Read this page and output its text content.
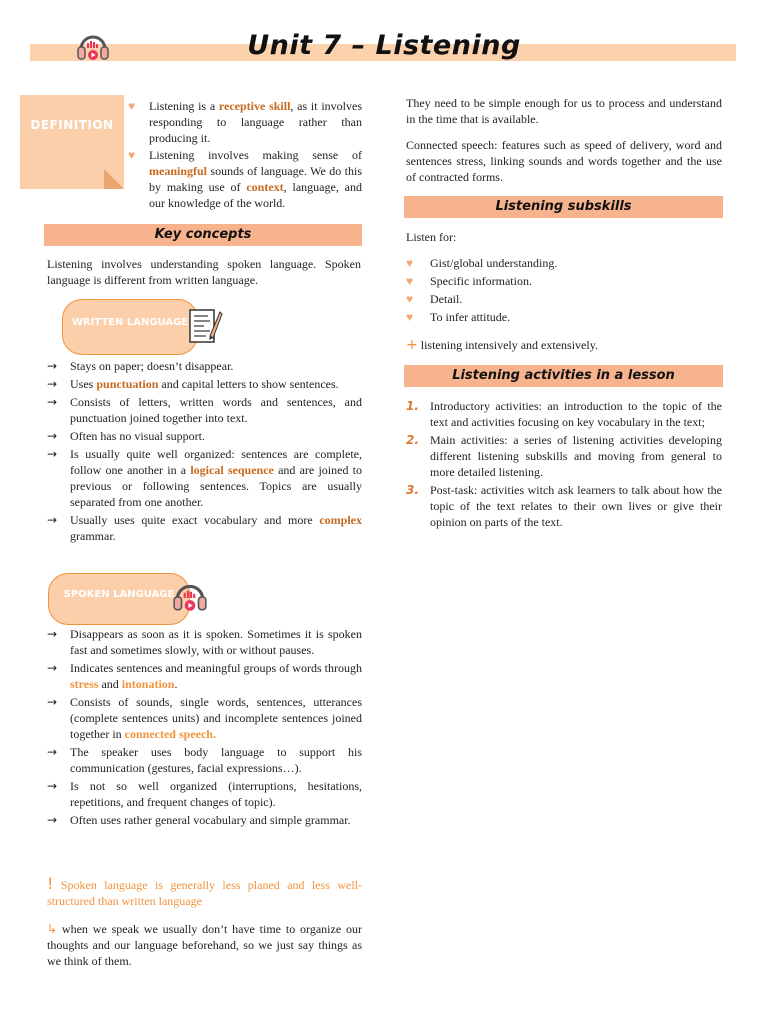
Unit 7 – Listening
DEFINITION
♥	Listening is a receptive skill, as it involves responding to language rather than producing it.
♥	Listening involves making sense of meaningful sounds of language. We do this by making use of context, language, and our knowledge of the world.
Key concepts
Listening involves understanding spoken language. Spoken language is different from written language.
WRITTEN LANGUAGE
→	Stays on paper; doesn’t disappear.
→	Uses punctuation and capital letters to show sentences.
→	Consists of letters, written words and sentences, and punctuation joined together into text.
→	Often has no visual support.
→	Is usually quite well organized: sentences are complete, follow one another in a logical sequence and are joined to previous or following sentences. Topics are usually separated from one another.
→	Usually uses quite exact vocabulary and more complex grammar.
SPOKEN LANGUAGE
→	Disappears as soon as it is spoken. Sometimes it is spoken fast and sometimes slowly, with or without pauses.
→	Indicates sentences and meaningful groups of words through stress and intonation.
→	Consists of sounds, single words, sentences, utterances (complete sentences units) and incomplete sentences joined together in connected speech.
→	The speaker uses body language to support his communication (gestures, facial expressions…).
→	Is not so well organized (interruptions, hesitations, repetitions, and frequent changes of topic).
→	Often uses rather general vocabulary and simple grammar.
! Spoken language is generally less planed and less well-structured than written language
↳ when we speak we usually don’t have time to organize our thoughts and our language beforehand, so we just say things as we think of them.
They need to be simple enough for us to process and understand in the time that is available.
Connected speech: features such as speed of delivery, word and sentences stress, linking sounds and words together and the use of contracted forms.
Listening subskills
Listen for:
♥	Gist/global understanding.
♥	Specific information.
♥	Detail.
♥	To infer attitude.
+ listening intensively and extensively.
Listening activities in a lesson
1. Introductory activities: an introduction to the topic of the text and activities focusing on key vocabulary in the text;
2. Main activities: a series of listening activities developing different listening subskills and moving from general to more detailed listening.
3. Post-task: activities witch ask learners to talk about how the topic of the text relates to their own lives or give their opinion on parts of the text.
